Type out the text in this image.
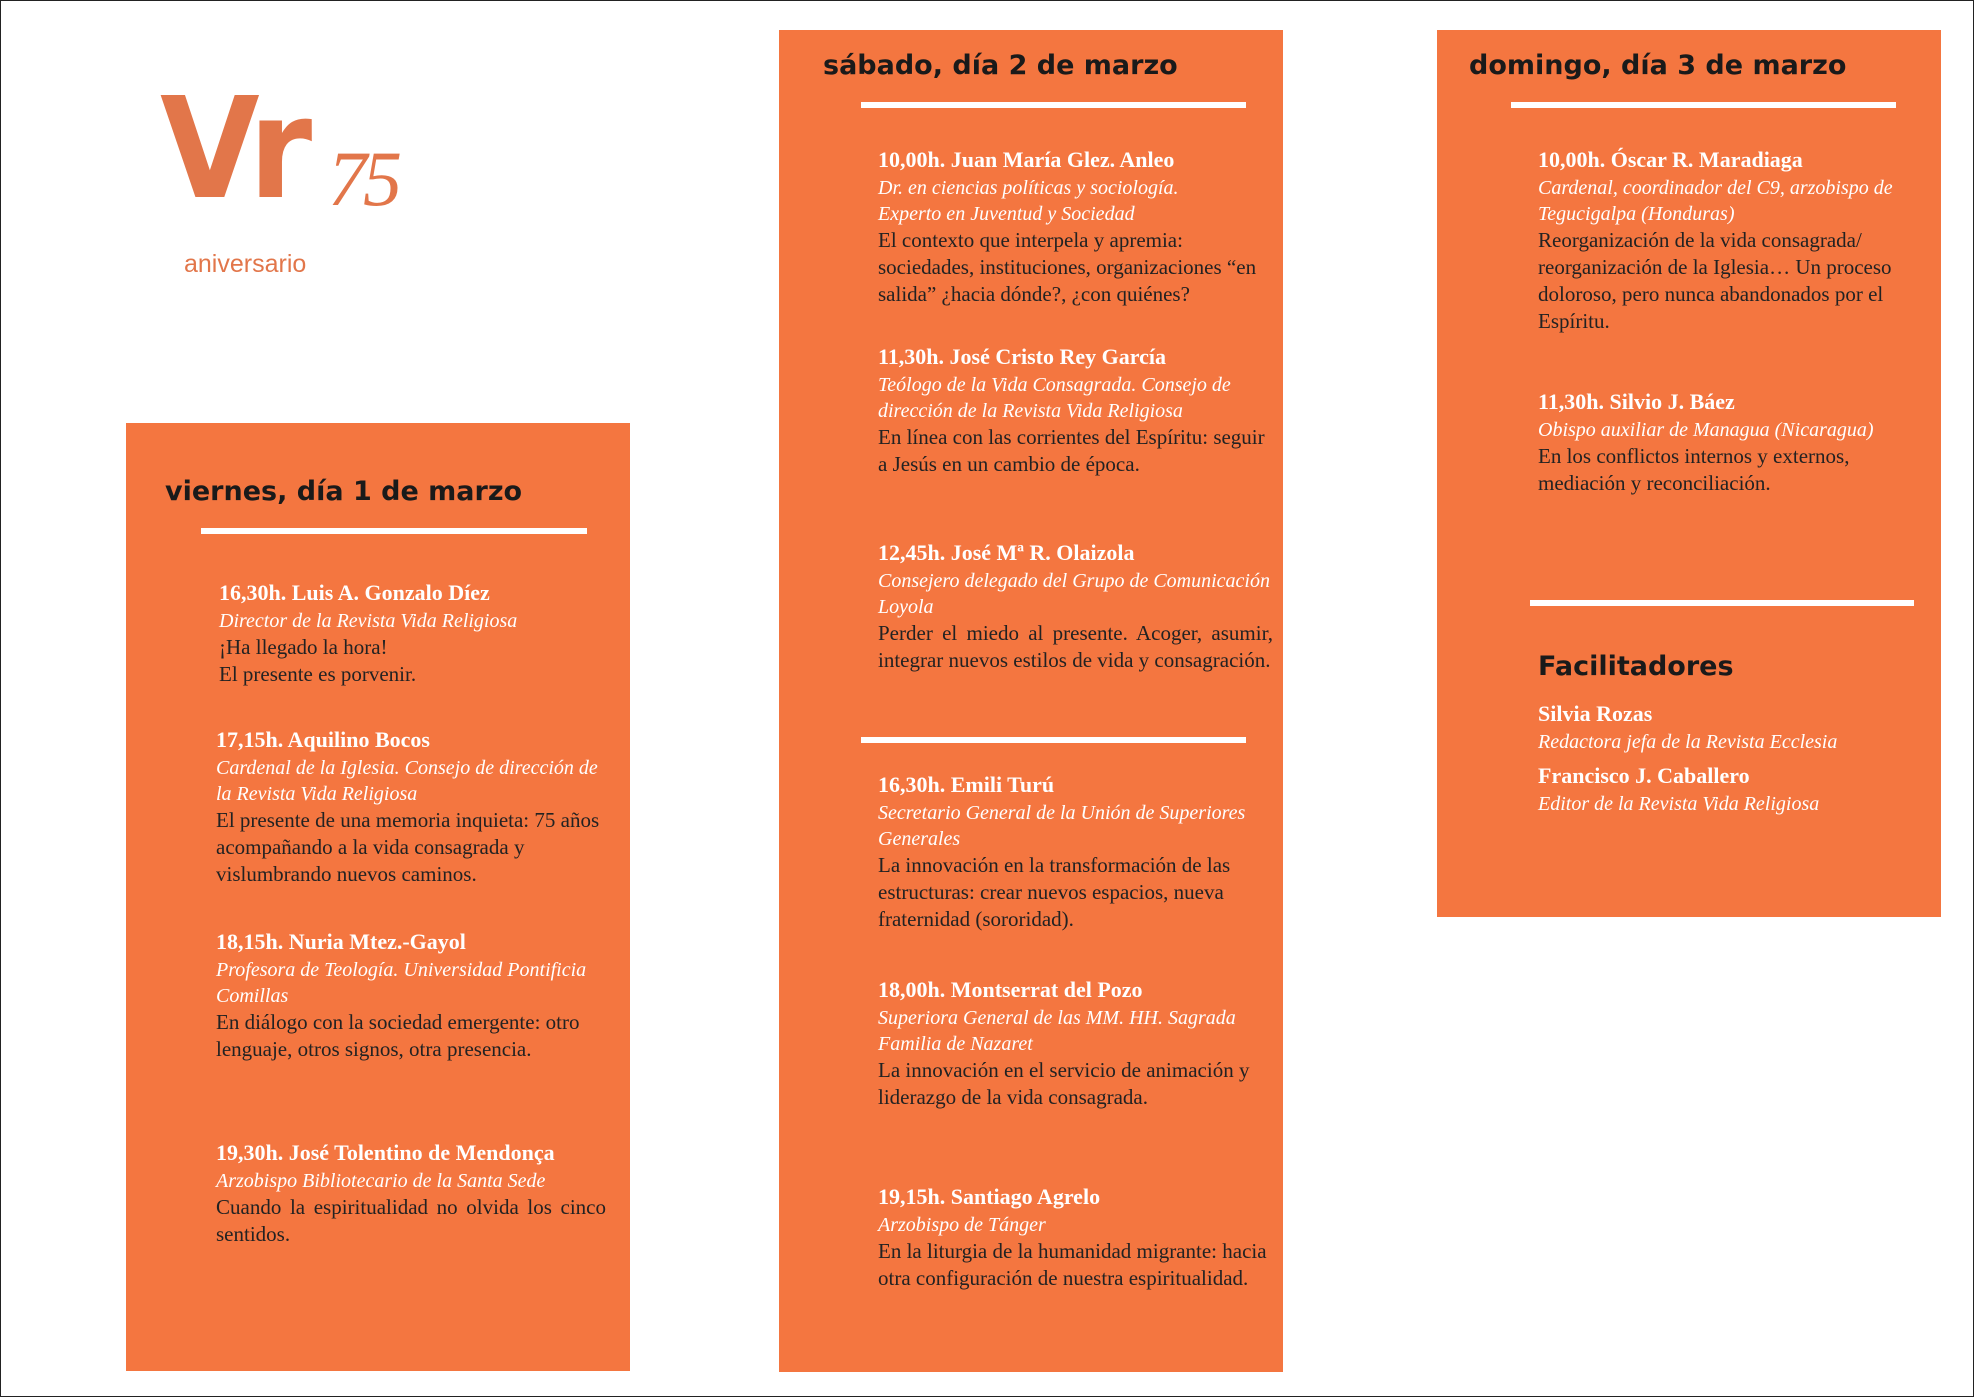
Vr 75
aniversario
viernes, día 1 de marzo
16,30h. Luis A. Gonzalo Díez
Director de la Revista Vida Religiosa
¡Ha llegado la hora!
El presente es porvenir.
17,15h. Aquilino Bocos
Cardenal de la Iglesia. Consejo de dirección de la Revista Vida Religiosa
El presente de una memoria inquieta: 75 años acompañando a la vida consagrada y vislumbrando nuevos caminos.
18,15h. Nuria Mtez.-Gayol
Profesora de Teología. Universidad Pontificia Comillas
En diálogo con la sociedad emergente: otro lenguaje, otros signos, otra presencia.
19,30h. José Tolentino de Mendonça
Arzobispo Bibliotecario de la Santa Sede
Cuando la espiritualidad no olvida los cinco sentidos.
sábado, día 2 de marzo
10,00h. Juan María Glez. Anleo
Dr. en ciencias políticas y sociología.
Experto en Juventud y Sociedad
El contexto que interpela y apremia: sociedades, instituciones, organizaciones “en salida” ¿hacia dónde?, ¿con quiénes?
11,30h. José Cristo Rey García
Teólogo de la Vida Consagrada. Consejo de dirección de la Revista Vida Religiosa
En línea con las corrientes del Espíritu: seguir a Jesús en un cambio de época.
12,45h. José Mª R. Olaizola
Consejero delegado del Grupo de Comunicación Loyola
Perder el miedo al presente. Acoger, asumir, integrar nuevos estilos de vida y consagración.
16,30h. Emili Turú
Secretario General de la Unión de Superiores Generales
La innovación en la transformación de las estructuras: crear nuevos espacios, nueva fraternidad (sororidad).
18,00h. Montserrat del Pozo
Superiora General de las MM. HH. Sagrada Familia de Nazaret
La innovación en el servicio de animación y liderazgo de la vida consagrada.
19,15h. Santiago Agrelo
Arzobispo de Tánger
En la liturgia de la humanidad migrante: hacia otra configuración de nuestra espiritualidad.
domingo, día 3 de marzo
10,00h. Óscar R. Maradiaga
Cardenal, coordinador del C9, arzobispo de Tegucigalpa (Honduras)
Reorganización de la vida consagrada/ reorganización de la Iglesia… Un proceso doloroso, pero nunca abandonados por el Espíritu.
11,30h. Silvio J. Báez
Obispo auxiliar de Managua (Nicaragua)
En los conflictos internos y externos, mediación y reconciliación.
Facilitadores
Silvia Rozas
Redactora jefa de la Revista Ecclesia
Francisco J. Caballero
Editor de la Revista Vida Religiosa
